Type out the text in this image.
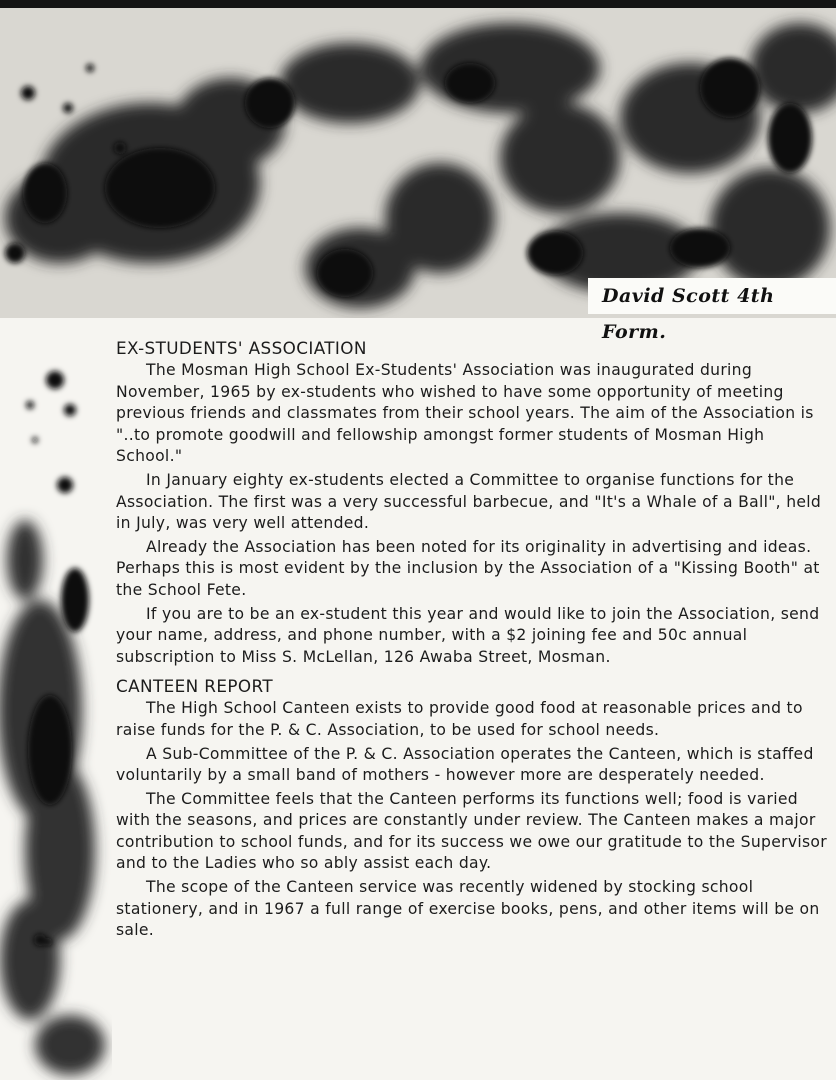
David Scott 4th Form.
EX-STUDENTS' ASSOCIATION

The Mosman High School Ex-Students' Association was inaugurated during November, 1965 by ex-students who wished to have some opportunity of meeting previous friends and classmates from their school years. The aim of the Association is "..to promote goodwill and fellowship amongst former students of Mosman High School."

In January eighty ex-students elected a Committee to organise functions for the Association. The first was a very successful barbecue, and "It's a Whale of a Ball", held in July, was very well attended.

Already the Association has been noted for its originality in advertising and ideas. Perhaps this is most evident by the inclusion by the Association of a "Kissing Booth" at the School Fete.

If you are to be an ex-student this year and would like to join the Association, send your name, address, and phone number, with a $2 joining fee and 50c annual subscription to Miss S. McLellan, 126 Awaba Street, Mosman.

CANTEEN REPORT

The High School Canteen exists to provide good food at reasonable prices and to raise funds for the P. & C. Association, to be used for school needs.

A Sub-Committee of the P. & C. Association operates the Canteen, which is staffed voluntarily by a small band of mothers - however more are desperately needed.

The Committee feels that the Canteen performs its functions well; food is varied with the seasons, and prices are constantly under review. The Canteen makes a major contribution to school funds, and for its success we owe our gratitude to the Supervisor and to the Ladies who so ably assist each day.

The scope of the Canteen service was recently widened by stocking school stationery, and in 1967 a full range of exercise books, pens, and other items will be on sale.
